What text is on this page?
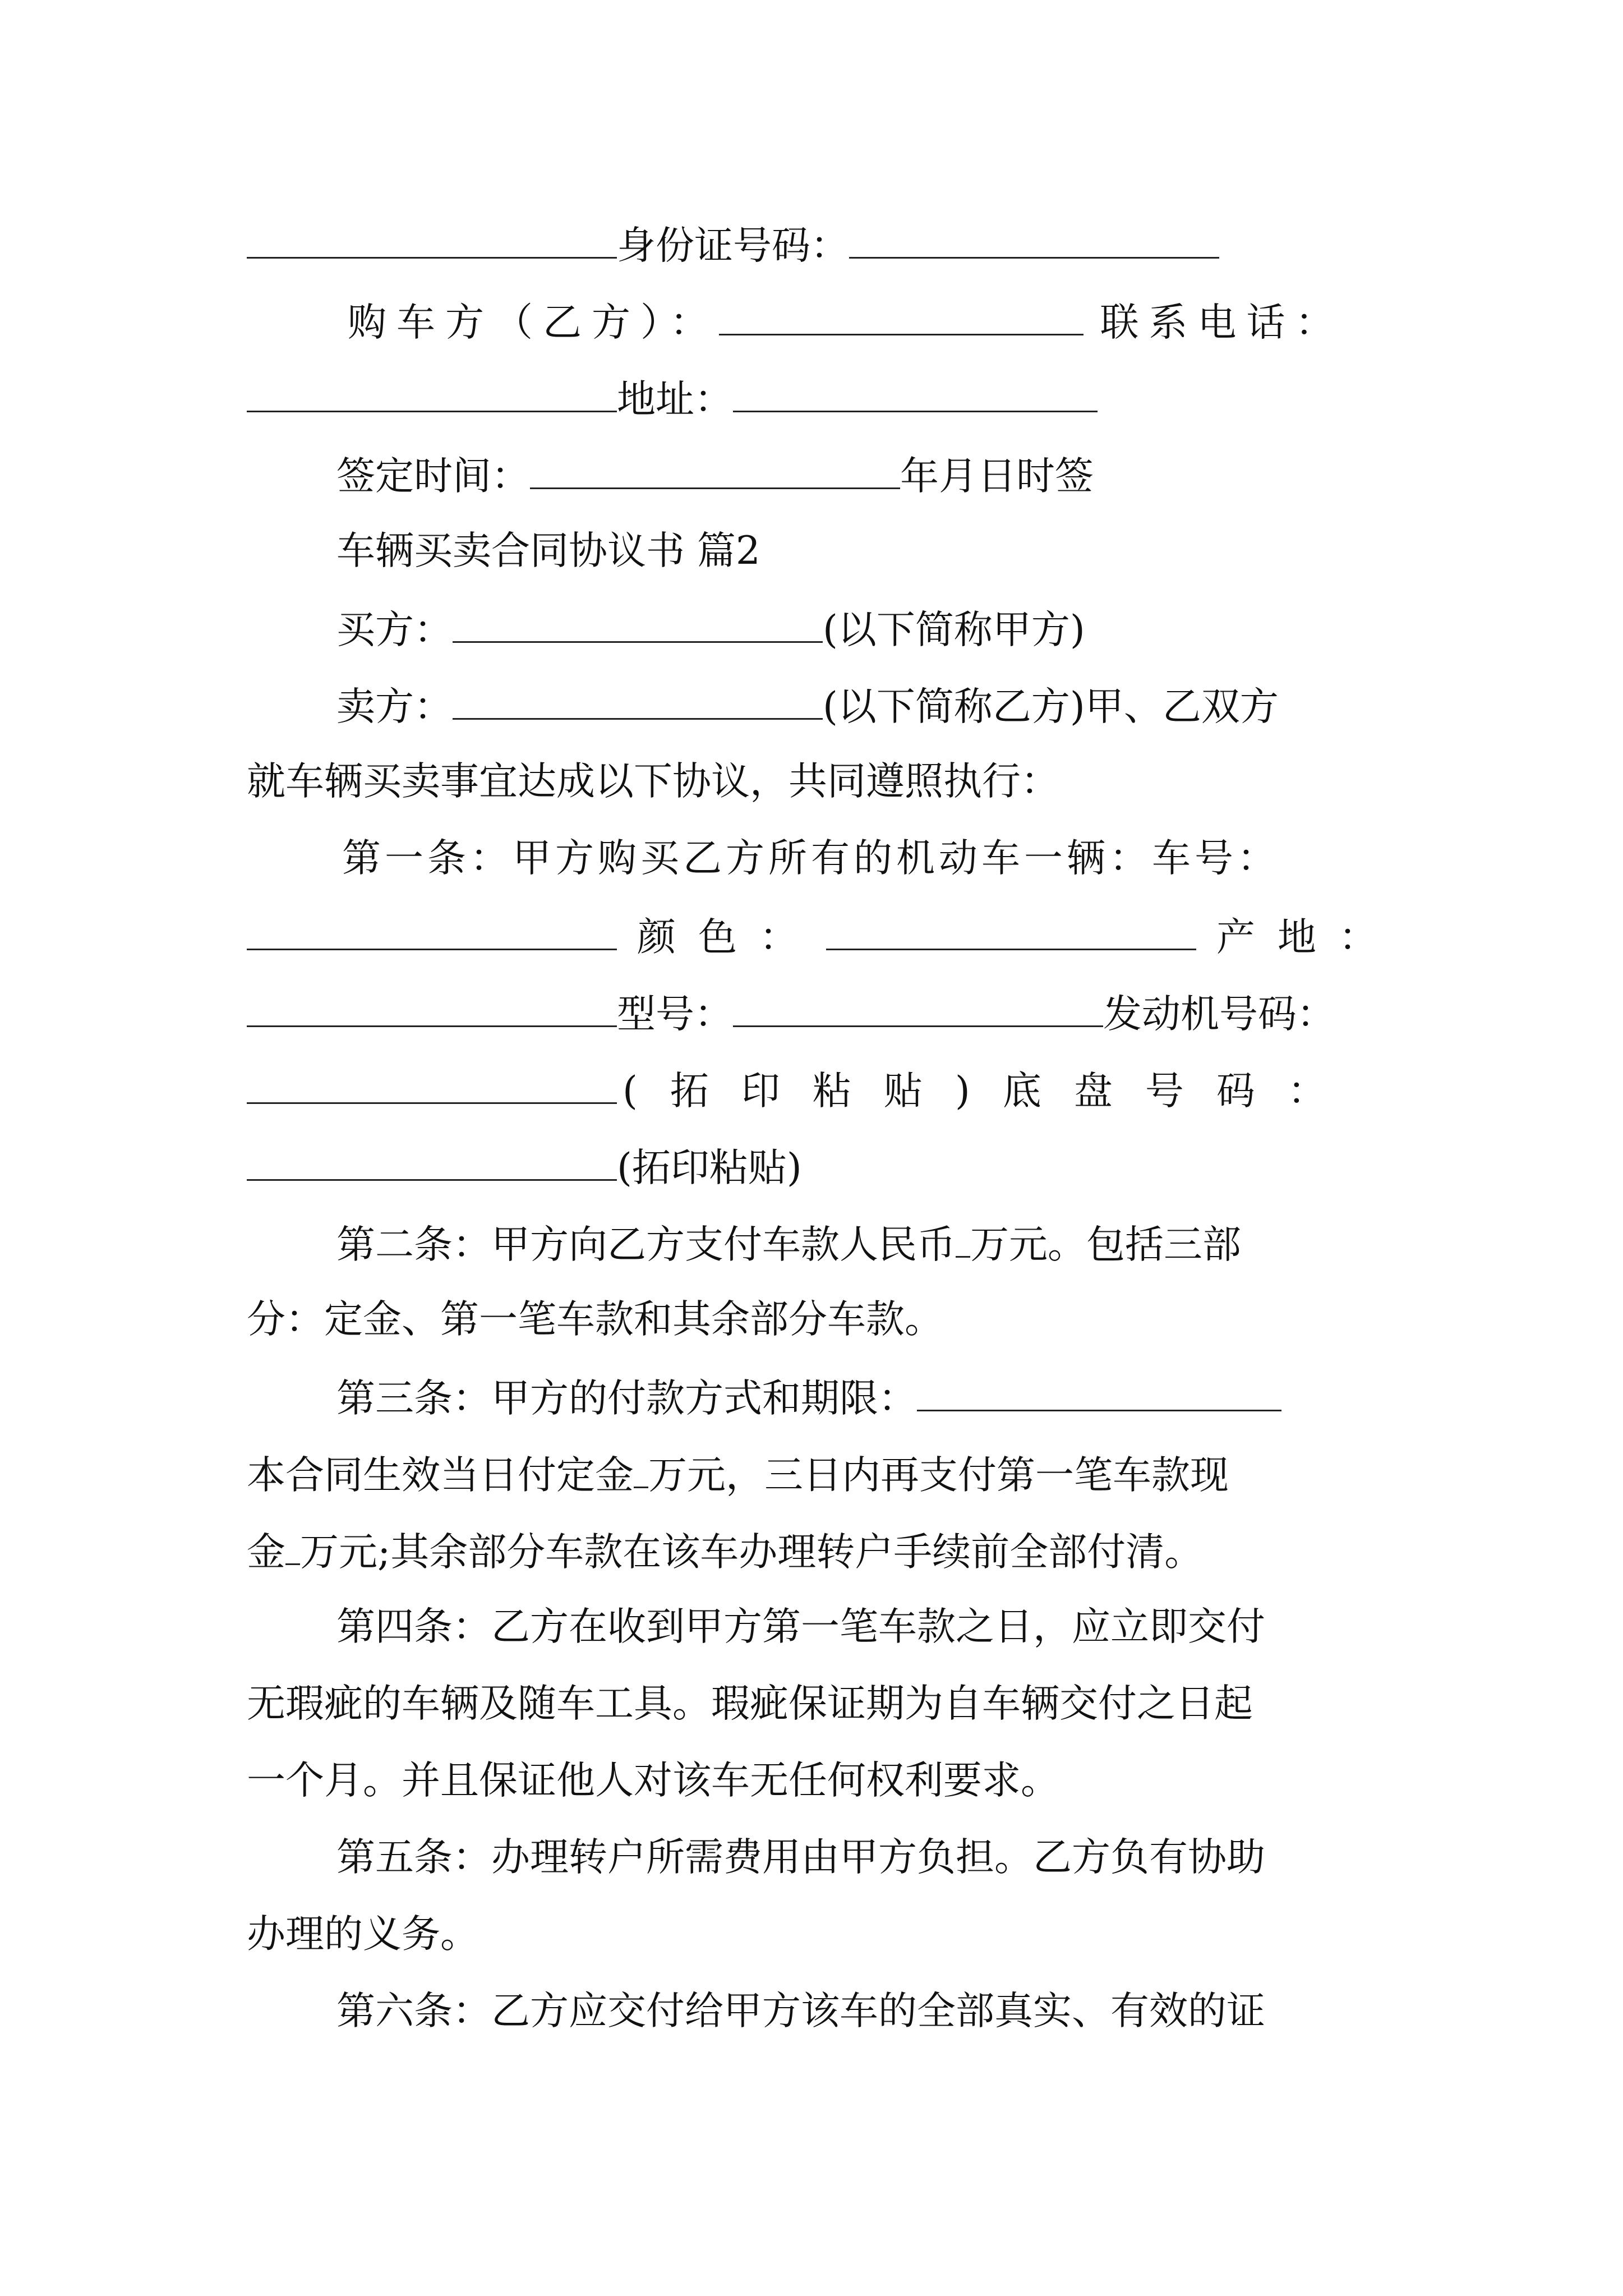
身份证号码：
购车方（乙方）：	联系电话：
地址：
签定时间：	年月日时签
车辆买卖合同协议书 篇2
买方：	(以下简称甲方)
卖方：	(以下简称乙方)甲、乙双方
就车辆买卖事宜达成以下协议，共同遵照执行：
第一条：甲方购买乙方所有的机动车一辆：车号：
颜色：	产地：
型号：	发动机号码：
(拓印粘贴)底盘号码：
(拓印粘贴)
第二条：甲方向乙方支付车款人民币 万元。包括三部
分：定金、第一笔车款和其余部分车款。
第三条：甲方的付款方式和期限：
本合同生效当日付定金 万元，三日内再支付第一笔车款现
金 万元;其余部分车款在该车办理转户手续前全部付清。
第四条：乙方在收到甲方第一笔车款之日，应立即交付
无瑕疵的车辆及随车工具。瑕疵保证期为自车辆交付之日起
一个月。并且保证他人对该车无任何权利要求。
第五条：办理转户所需费用由甲方负担。乙方负有协助
办理的义务。
第六条：乙方应交付给甲方该车的全部真实、有效的证
